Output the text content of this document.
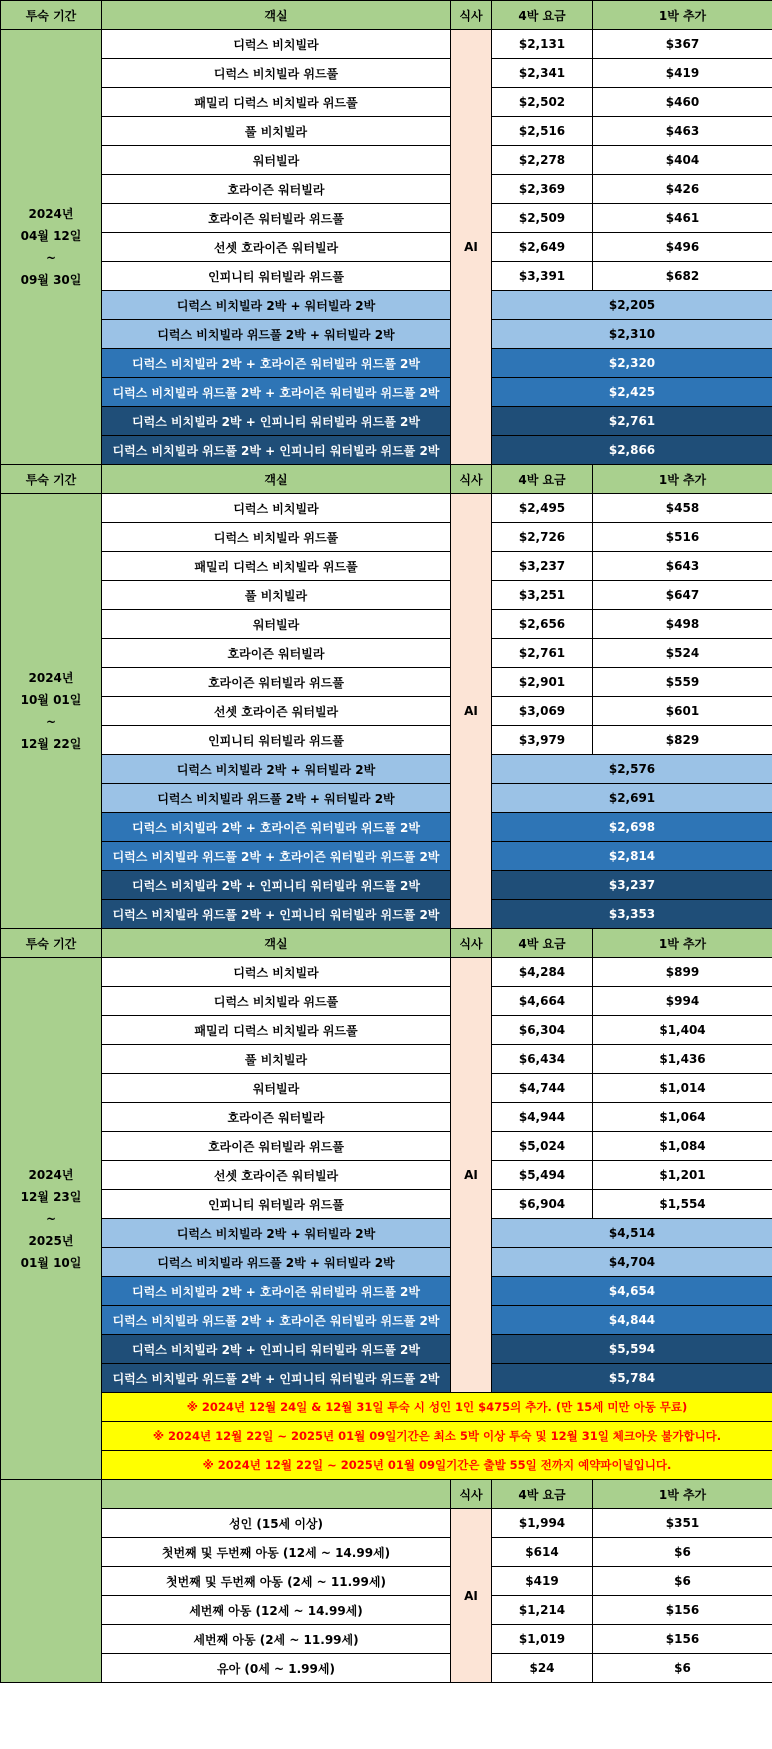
투숙 기간	객실	식사	4박 요금	1박 추가

2024년
04월 12일
~
09월 30일	디럭스 비치빌라	AI	$2,131	$367
	디럭스 비치빌라 위드풀		$2,341	$419
	패밀리 디럭스 비치빌라 위드풀		$2,502	$460
	풀 비치빌라		$2,516	$463
	워터빌라		$2,278	$404
	호라이즌 워터빌라		$2,369	$426
	호라이즌 워터빌라 위드풀		$2,509	$461
	선셋 호라이즌 워터빌라		$2,649	$496
	인피니티 워터빌라 위드풀		$3,391	$682
	디럭스 비치빌라 2박 + 워터빌라 2박		$2,205	
	디럭스 비치빌라 위드풀 2박 + 워터빌라 2박		$2,310	
	디럭스 비치빌라 2박 + 호라이즌 워터빌라 위드풀 2박		$2,320	
	디럭스 비치빌라 위드풀 2박 + 호라이즌 워터빌라 위드풀 2박		$2,425	
	디럭스 비치빌라 2박 + 인피니티 워터빌라 위드풀 2박		$2,761	
	디럭스 비치빌라 위드풀 2박 + 인피니티 워터빌라 위드풀 2박		$2,866	
투숙 기간	객실	식사	4박 요금	1박 추가

2024년
10월 01일
~
12월 22일	디럭스 비치빌라	AI	$2,495	$458
	디럭스 비치빌라 위드풀		$2,726	$516
	패밀리 디럭스 비치빌라 위드풀		$3,237	$643
	풀 비치빌라		$3,251	$647
	워터빌라		$2,656	$498
	호라이즌 워터빌라		$2,761	$524
	호라이즌 워터빌라 위드풀		$2,901	$559
	선셋 호라이즌 워터빌라		$3,069	$601
	인피니티 워터빌라 위드풀		$3,979	$829
	디럭스 비치빌라 2박 + 워터빌라 2박		$2,576	
	디럭스 비치빌라 위드풀 2박 + 워터빌라 2박		$2,691	
	디럭스 비치빌라 2박 + 호라이즌 워터빌라 위드풀 2박		$2,698	
	디럭스 비치빌라 위드풀 2박 + 호라이즌 워터빌라 위드풀 2박		$2,814	
	디럭스 비치빌라 2박 + 인피니티 워터빌라 위드풀 2박		$3,237	
	디럭스 비치빌라 위드풀 2박 + 인피니티 워터빌라 위드풀 2박		$3,353	
투숙 기간	객실	식사	4박 요금	1박 추가

2024년
12월 23일
~
2025년
01월 10일	디럭스 비치빌라	AI	$4,284	$899
	디럭스 비치빌라 위드풀		$4,664	$994
	패밀리 디럭스 비치빌라 위드풀		$6,304	$1,404
	풀 비치빌라		$6,434	$1,436
	워터빌라		$4,744	$1,014
	호라이즌 워터빌라		$4,944	$1,064
	호라이즌 워터빌라 위드풀		$5,024	$1,084
	선셋 호라이즌 워터빌라		$5,494	$1,201
	인피니티 워터빌라 위드풀		$6,904	$1,554
	디럭스 비치빌라 2박 + 워터빌라 2박		$4,514	
	디럭스 비치빌라 위드풀 2박 + 워터빌라 2박		$4,704	
	디럭스 비치빌라 2박 + 호라이즌 워터빌라 위드풀 2박		$4,654	
	디럭스 비치빌라 위드풀 2박 + 호라이즌 워터빌라 위드풀 2박		$4,844	
	디럭스 비치빌라 2박 + 인피니티 워터빌라 위드풀 2박		$5,594	
	디럭스 비치빌라 위드풀 2박 + 인피니티 워터빌라 위드풀 2박		$5,784	
	※ 2024년 12월 24일 & 12월 31일 투숙 시 성인 1인 $475의 추가. (만 15세 미만 아동 무료)			
	※ 2024년 12월 22일 ~ 2025년 01월 09일기간은 최소 5박 이상 투숙 및 12월 31일 체크아웃 불가합니다.			
	※ 2024년 12월 22일 ~ 2025년 01월 09일기간은 출발 55일 전까지 예약파이널입니다.			
		식사	4박 요금	1박 추가
	성인 (15세 이상)	AI	$1,994	$351
	첫번째 및 두번째 아동 (12세 ~ 14.99세)		$614	$6
	첫번째 및 두번째 아동 (2세 ~ 11.99세)		$419	$6
	세번째 아동 (12세 ~ 14.99세)		$1,214	$156
	세번째 아동 (2세 ~ 11.99세)		$1,019	$156
	유아 (0세 ~ 1.99세)		$24	$6
